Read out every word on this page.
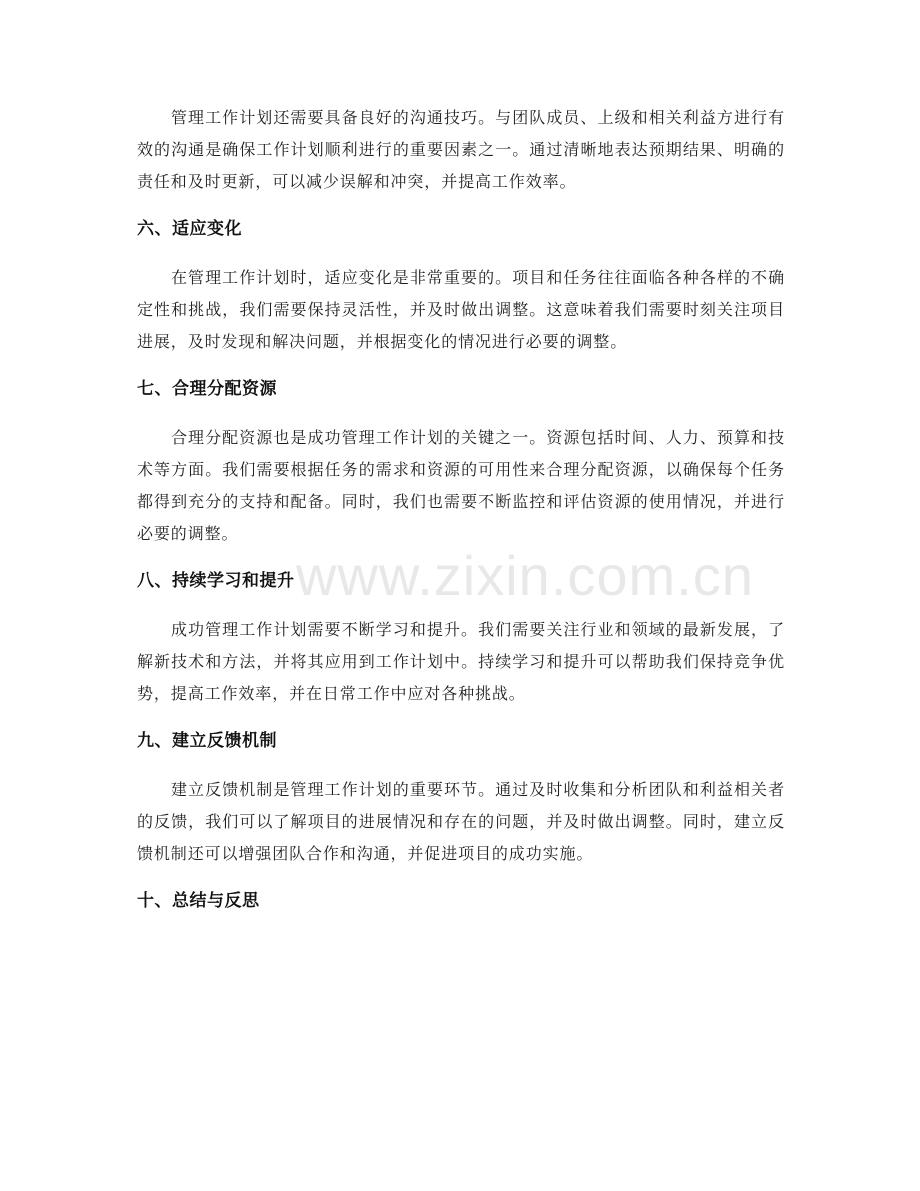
管理工作计划还需要具备良好的沟通技巧。与团队成员、上级和相关利益方进行有效的沟通是确保工作计划顺利进行的重要因素之一。通过清晰地表达预期结果、明确的责任和及时更新，可以减少误解和冲突，并提高工作效率。

六、适应变化

在管理工作计划时，适应变化是非常重要的。项目和任务往往面临各种各样的不确定性和挑战，我们需要保持灵活性，并及时做出调整。这意味着我们需要时刻关注项目进展，及时发现和解决问题，并根据变化的情况进行必要的调整。

七、合理分配资源

合理分配资源也是成功管理工作计划的关键之一。资源包括时间、人力、预算和技术等方面。我们需要根据任务的需求和资源的可用性来合理分配资源，以确保每个任务都得到充分的支持和配备。同时，我们也需要不断监控和评估资源的使用情况，并进行必要的调整。

八、持续学习和提升

成功管理工作计划需要不断学习和提升。我们需要关注行业和领域的最新发展，了解新技术和方法，并将其应用到工作计划中。持续学习和提升可以帮助我们保持竞争优势，提高工作效率，并在日常工作中应对各种挑战。

九、建立反馈机制

建立反馈机制是管理工作计划的重要环节。通过及时收集和分析团队和利益相关者的反馈，我们可以了解项目的进展情况和存在的问题，并及时做出调整。同时，建立反馈机制还可以增强团队合作和沟通，并促进项目的成功实施。

十、总结与反思
www.zixin.com.cn
